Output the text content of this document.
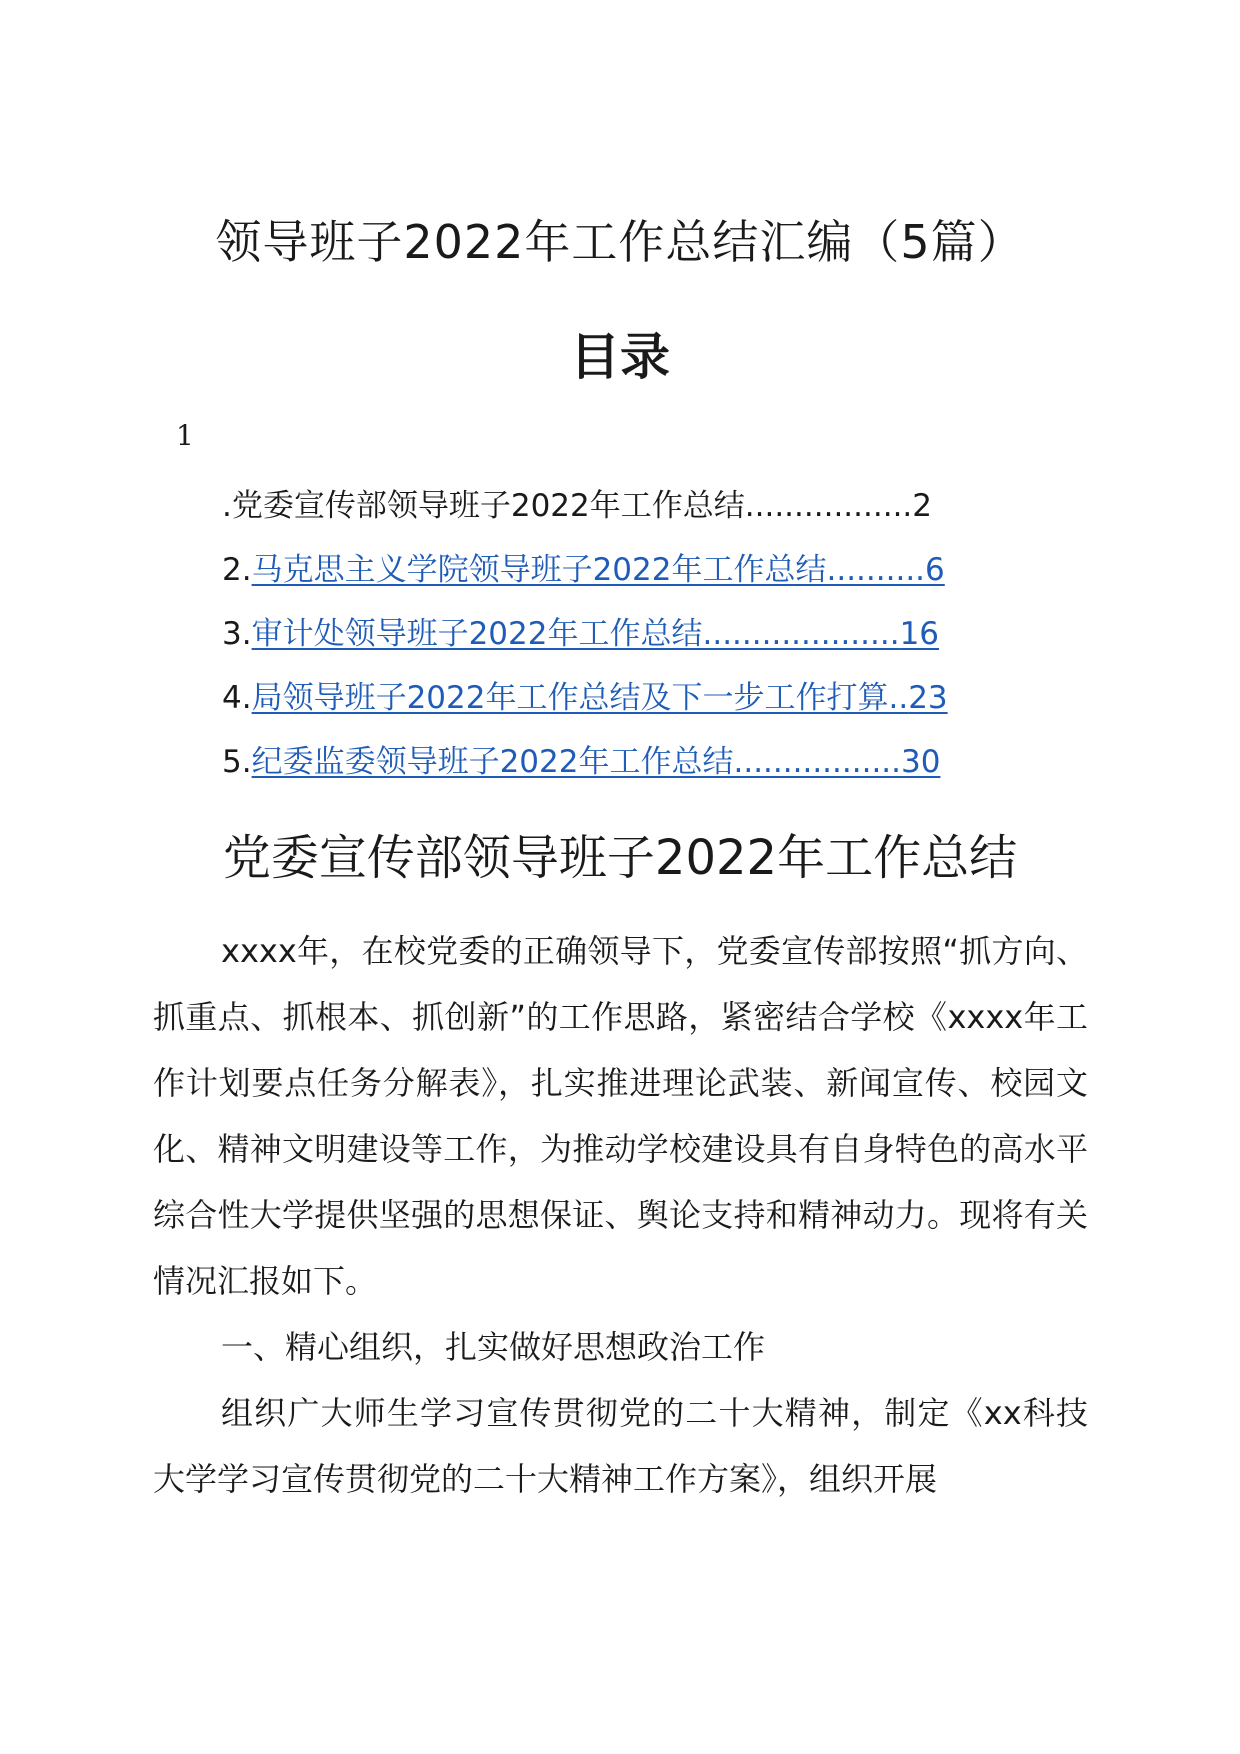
领导班子2022年工作总结汇编（5篇）
目录
1
.党委宣传部领导班子2022年工作总结.................2
2.马克思主义学院领导班子2022年工作总结..........6
3.审计处领导班子2022年工作总结....................16
4.局领导班子2022年工作总结及下一步工作打算..23
5.纪委监委领导班子2022年工作总结.................30
党委宣传部领导班子2022年工作总结

xxxx年，在校党委的正确领导下，党委宣传部按照“抓方向、抓重点、抓根本、抓创新”的工作思路，紧密结合学校《xxxx年工作计划要点任务分解表》，扎实推进理论武装、新闻宣传、校园文化、精神文明建设等工作，为推动学校建设具有自身特色的高水平综合性大学提供坚强的思想保证、舆论支持和精神动力。现将有关情况汇报如下。

一、精心组织，扎实做好思想政治工作

组织广大师生学习宣传贯彻党的二十大精神，制定《xx科技大学学习宣传贯彻党的二十大精神工作方案》，组织开展
